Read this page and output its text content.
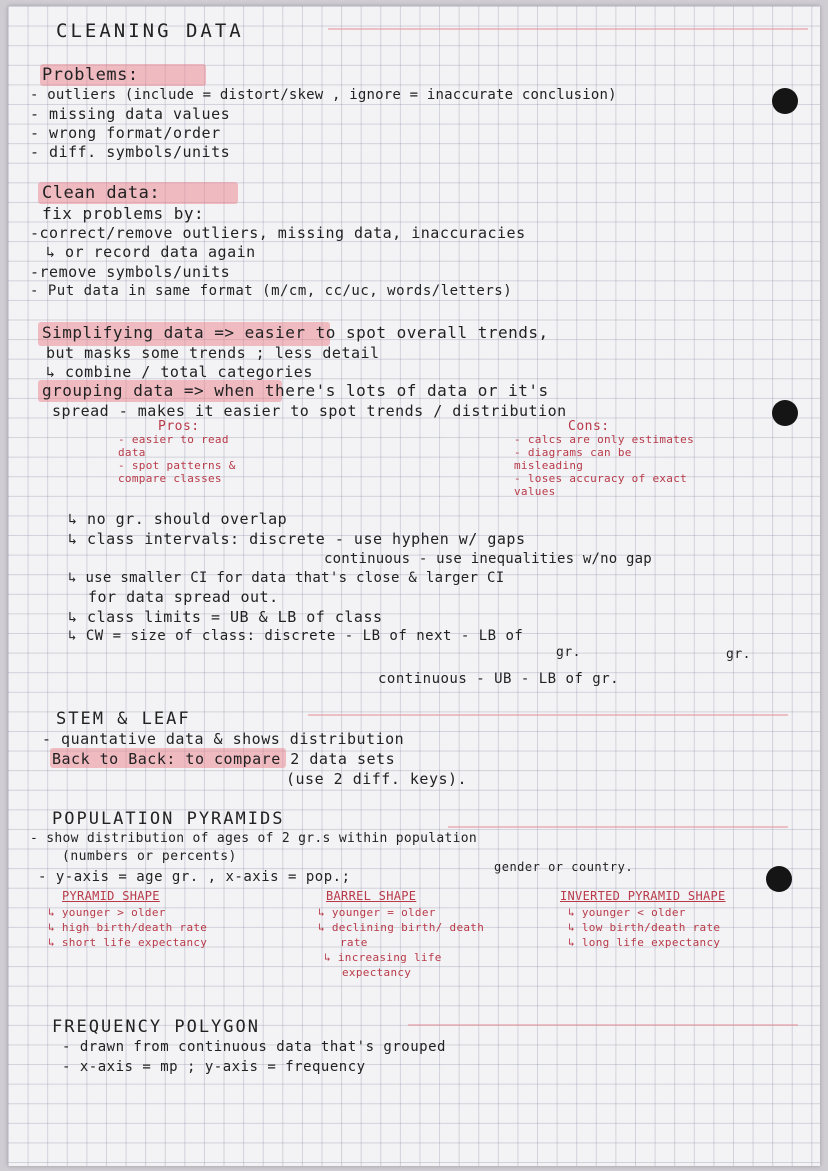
CLEANING DATA
Problems:
- outliers (include = distort/skew , ignore = inaccurate conclusion)
- missing data values
- wrong format/order
- diff. symbols/units
Clean data:
fix problems by:
-correct/remove outliers, missing data, inaccuracies
↳ or record data again
-remove symbols/units
- Put data in same format (m/cm, cc/uc, words/letters)
Simplifying data => easier to spot overall trends,
but masks some trends ; less detail
↳ combine / total categories
grouping data => when there's lots of data or it's
spread - makes it easier to spot trends / distribution
Pros:
- easier to read
data
- spot patterns &
compare classes
Cons:
- calcs are only estimates
- diagrams can be
misleading
- loses accuracy of exact
values
↳ no gr. should overlap
↳ class intervals: discrete - use hyphen w/ gaps
continuous - use inequalities w/no gap
↳ use smaller CI for data that's close & larger CI
for data spread out.
↳ class limits = UB & LB of class
↳ CW = size of class: discrete - LB of next - LB of
gr.	gr.
continuous - UB - LB of gr.
STEM & LEAF
- quantative data & shows distribution
Back to Back: to compare 2 data sets
(use 2 diff. keys).
POPULATION PYRAMIDS
- show distribution of ages of 2 gr.s within population
(numbers or percents)
gender or country.
- y-axis = age gr. , x-axis = pop.;
PYRAMID SHAPE
↳ younger > older
↳ high birth/death rate
↳ short life expectancy
BARREL SHAPE
↳ younger = older
↳ declining birth/ death
rate
↳ increasing life
expectancy
INVERTED PYRAMID SHAPE
↳ younger < older
↳ low birth/death rate
↳ long life expectancy
FREQUENCY POLYGON
- drawn from continuous data that's grouped
- x-axis = mp ; y-axis = frequency
